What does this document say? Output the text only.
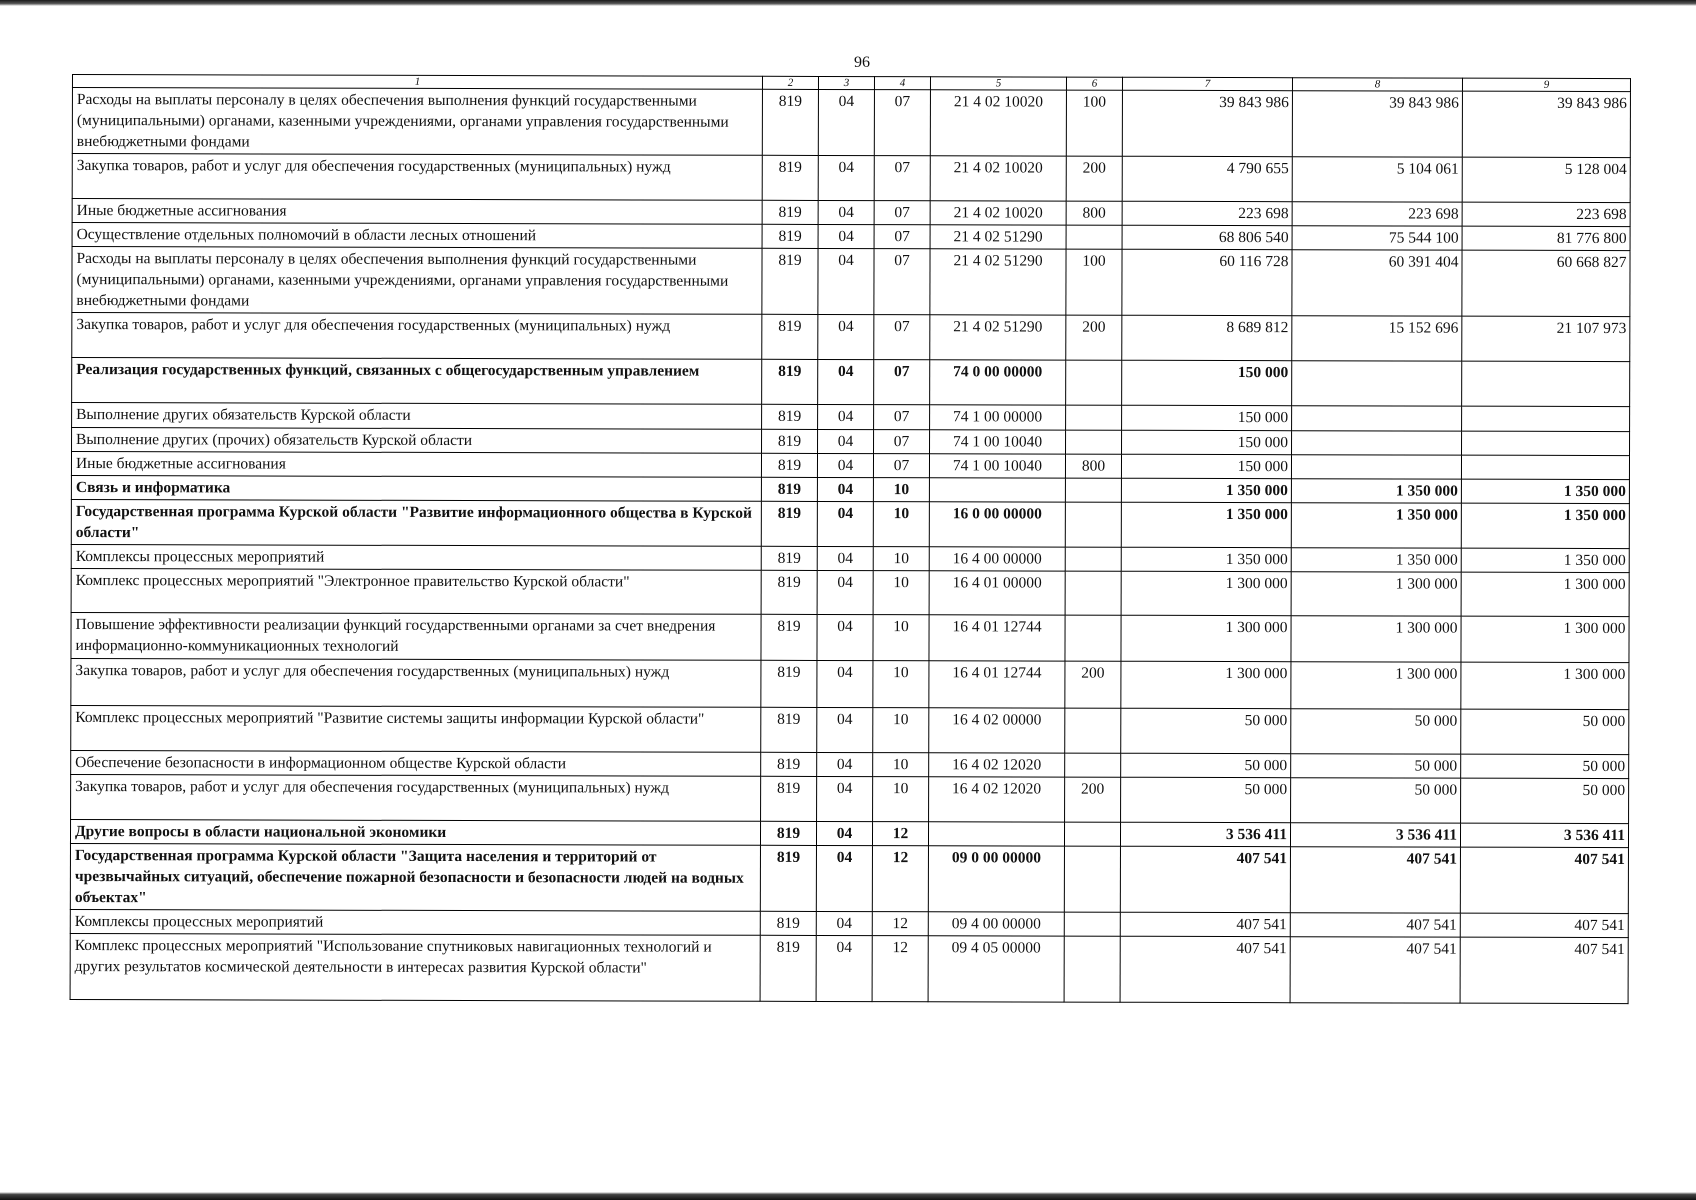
96
1	2	3	4	5	6	7	8	9
Расходы на выплаты персоналу в целях обеспечения выполнения функций государственными (муниципальными) органами, казенными учреждениями, органами управления государственными внебюджетными фондами	819	04	07	21 4 02 10020	100	39 843 986	39 843 986	39 843 986
Закупка товаров, работ и услуг для обеспечения государственных (муниципальных) нужд	819	04	07	21 4 02 10020	200	4 790 655	5 104 061	5 128 004
Иные бюджетные ассигнования	819	04	07	21 4 02 10020	800	223 698	223 698	223 698
Осуществление отдельных полномочий в области лесных отношений	819	04	07	21 4 02 51290		68 806 540	75 544 100	81 776 800
Расходы на выплаты персоналу в целях обеспечения выполнения функций государственными (муниципальными) органами, казенными учреждениями, органами управления государственными внебюджетными фондами	819	04	07	21 4 02 51290	100	60 116 728	60 391 404	60 668 827
Закупка товаров, работ и услуг для обеспечения государственных (муниципальных) нужд	819	04	07	21 4 02 51290	200	8 689 812	15 152 696	21 107 973
Реализация государственных функций, связанных с общегосударственным управлением	819	04	07	74 0 00 00000		150 000		
Выполнение других обязательств Курской области	819	04	07	74 1 00 00000		150 000		
Выполнение других (прочих) обязательств Курской области	819	04	07	74 1 00 10040		150 000		
Иные бюджетные ассигнования	819	04	07	74 1 00 10040	800	150 000		
Связь и информатика	819	04	10			1 350 000	1 350 000	1 350 000
Государственная программа Курской области "Развитие информационного общества в Курской области"	819	04	10	16 0 00 00000		1 350 000	1 350 000	1 350 000
Комплексы процессных мероприятий	819	04	10	16 4 00 00000		1 350 000	1 350 000	1 350 000
Комплекс процессных мероприятий "Электронное правительство Курской области"	819	04	10	16 4 01 00000		1 300 000	1 300 000	1 300 000
Повышение эффективности реализации функций государственными органами за счет внедрения информационно-коммуникационных технологий	819	04	10	16 4 01 12744		1 300 000	1 300 000	1 300 000
Закупка товаров, работ и услуг для обеспечения государственных (муниципальных) нужд	819	04	10	16 4 01 12744	200	1 300 000	1 300 000	1 300 000
Комплекс процессных мероприятий "Развитие системы защиты информации Курской области"	819	04	10	16 4 02 00000		50 000	50 000	50 000
Обеспечение безопасности в информационном обществе Курской области	819	04	10	16 4 02 12020		50 000	50 000	50 000
Закупка товаров, работ и услуг для обеспечения государственных (муниципальных) нужд	819	04	10	16 4 02 12020	200	50 000	50 000	50 000
Другие вопросы в области национальной экономики	819	04	12			3 536 411	3 536 411	3 536 411
Государственная программа Курской области "Защита населения и территорий от чрезвычайных ситуаций, обеспечение пожарной безопасности и безопасности людей на водных объектах"	819	04	12	09 0 00 00000		407 541	407 541	407 541
Комплексы процессных мероприятий	819	04	12	09 4 00 00000		407 541	407 541	407 541
Комплекс процессных мероприятий "Использование спутниковых навигационных технологий и других результатов космической деятельности в интересах развития Курской области"	819	04	12	09 4 05 00000		407 541	407 541	407 541
